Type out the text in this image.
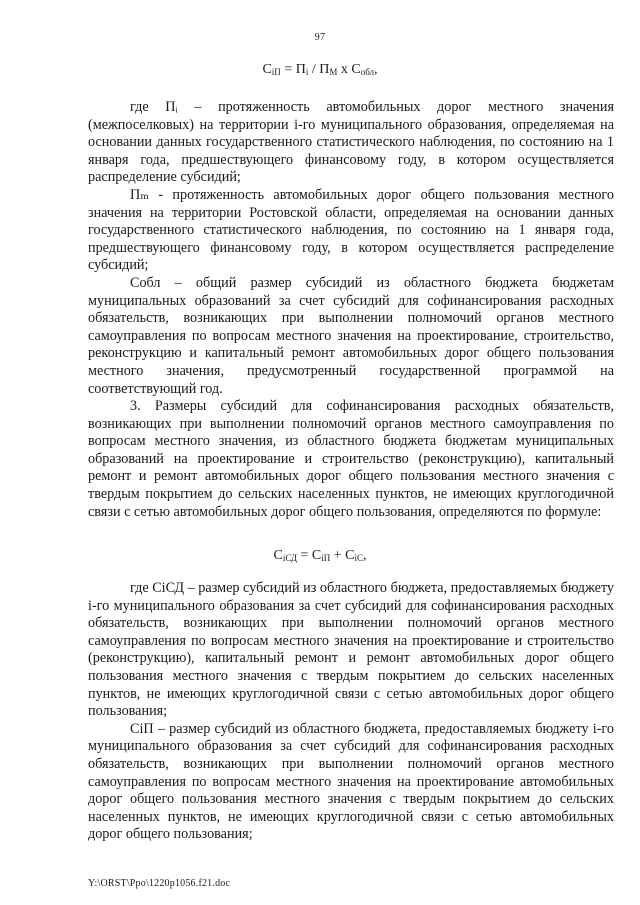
97
$С_{iП} = П_i / П_М$ х $С_{обл}$,

где Пᵢ – протяженность автомобильных дорог местного значения (межпоселковых) на территории i-го муниципального образования, определяемая на основании данных государственного статистического наблюдения, по состоянию на 1 января года, предшествующего финансовому году, в котором осуществляется распределение субсидий;

Пₘ - протяженность автомобильных дорог общего пользования местного значения на территории Ростовской области, определяемая на основании данных государственного статистического наблюдения, по состоянию на 1 января года, предшествующего финансовому году, в котором осуществляется распределение субсидий;

Собл – общий размер субсидий из областного бюджета бюджетам муниципальных образований за счет субсидий для софинансирования расходных обязательств, возникающих при выполнении полномочий органов местного самоуправления по вопросам местного значения на проектирование, строительство, реконструкцию и капитальный ремонт автомобильных дорог общего пользования местного значения, предусмотренный государственной программой на соответствующий год.

3. Размеры субсидий для софинансирования расходных обязательств, возникающих при выполнении полномочий органов местного самоуправления по вопросам местного значения, из областного бюджета бюджетам муниципальных образований на проектирование и строительство (реконструкцию), капитальный ремонт и ремонт автомобильных дорог общего пользования местного значения с твердым покрытием до сельских населенных пунктов, не имеющих круглогодичной связи с сетью автомобильных дорог общего пользования, определяются по формуле:

$С_{iСД} = С_{iП} + С_{iС}$,

где СiСД – размер субсидий из областного бюджета, предоставляемых бюджету i-го муниципального образования за счет субсидий для софинансирования расходных обязательств, возникающих при выполнении полномочий органов местного самоуправления по вопросам местного значения на проектирование и строительство (реконструкцию), капитальный ремонт и ремонт автомобильных дорог общего пользования местного значения с твердым покрытием до сельских населенных пунктов, не имеющих круглогодичной связи с сетью автомобильных дорог общего пользования;

СiП – размер субсидий из областного бюджета, предоставляемых бюджету i-го муниципального образования за счет субсидий для софинансирования расходных обязательств, возникающих при выполнении полномочий органов местного самоуправления по вопросам местного значения на проектирование автомобильных дорог общего пользования местного значения с твердым покрытием до сельских населенных пунктов, не имеющих круглогодичной связи с сетью автомобильных дорог общего пользования;

Y:\ORST\Ppo\1220p1056.f21.doc
